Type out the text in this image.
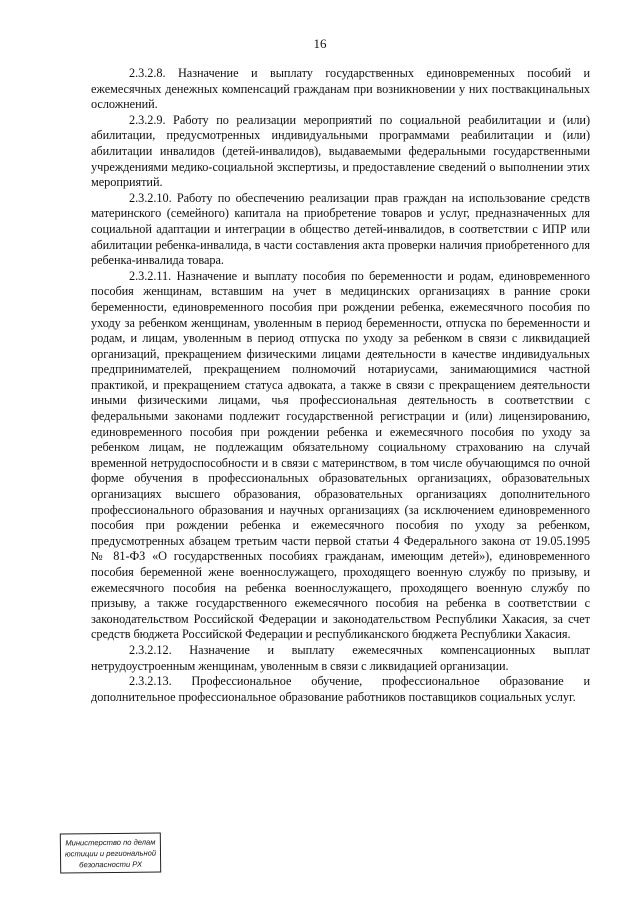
16

2.3.2.8. Назначение и выплату государственных единовременных пособий и ежемесячных денежных компенсаций гражданам при возникновении у них поствакцинальных осложнений.

2.3.2.9. Работу по реализации мероприятий по социальной реабилитации и (или) абилитации, предусмотренных индивидуальными программами реабилитации и (или) абилитации инвалидов (детей-инвалидов), выдаваемыми федеральными государственными учреждениями медико-социальной экспертизы, и предоставление сведений о выполнении этих мероприятий.

2.3.2.10. Работу по обеспечению реализации прав граждан на использование средств материнского (семейного) капитала на приобретение товаров и услуг, предназначенных для социальной адаптации и интеграции в общество детей-инвалидов, в соответствии с ИПР или абилитации ребенка-инвалида, в части составления акта проверки наличия приобретенного для ребенка-инвалида товара.

2.3.2.11. Назначение и выплату пособия по беременности и родам, единовременного пособия женщинам, вставшим на учет в медицинских организациях в ранние сроки беременности, единовременного пособия при рождении ребенка, ежемесячного пособия по уходу за ребенком женщинам, уволенным в период беременности, отпуска по беременности и родам, и лицам, уволенным в период отпуска по уходу за ребенком в связи с ликвидацией организаций, прекращением физическими лицами деятельности в качестве индивидуальных предпринимателей, прекращением полномочий нотариусами, занимающимися частной практикой, и прекращением статуса адвоката, а также в связи с прекращением деятельности иными физическими лицами, чья профессиональная деятельность в соответствии с федеральными законами подлежит государственной регистрации и (или) лицензированию, единовременного пособия при рождении ребенка и ежемесячного пособия по уходу за ребенком лицам, не подлежащим обязательному социальному страхованию на случай временной нетрудоспособности и в связи с материнством, в том числе обучающимся по очной форме обучения в профессиональных образовательных организациях, образовательных организациях высшего образования, образовательных организациях дополнительного профессионального образования и научных организациях (за исключением единовременного пособия при рождении ребенка и ежемесячного пособия по уходу за ребенком, предусмотренных абзацем третьим части первой статьи 4 Федерального закона от 19.05.1995 № 81-ФЗ «О государственных пособиях гражданам, имеющим детей»), единовременного пособия беременной жене военнослужащего, проходящего военную службу по призыву, и ежемесячного пособия на ребенка военнослужащего, проходящего военную службу по призыву, а также государственного ежемесячного пособия на ребенка в соответствии с законодательством Российской Федерации и законодательством Республики Хакасия, за счет средств бюджета Российской Федерации и республиканского бюджета Республики Хакасия.

2.3.2.12. Назначение и выплату ежемесячных компенсационных выплат нетрудоустроенным женщинам, уволенным в связи с ликвидацией организации.

2.3.2.13. Профессиональное обучение, профессиональное образование и дополнительное профессиональное образование работников поставщиков социальных услуг.

Министерство по делам
юстиции и региональной
безопасности РХ
